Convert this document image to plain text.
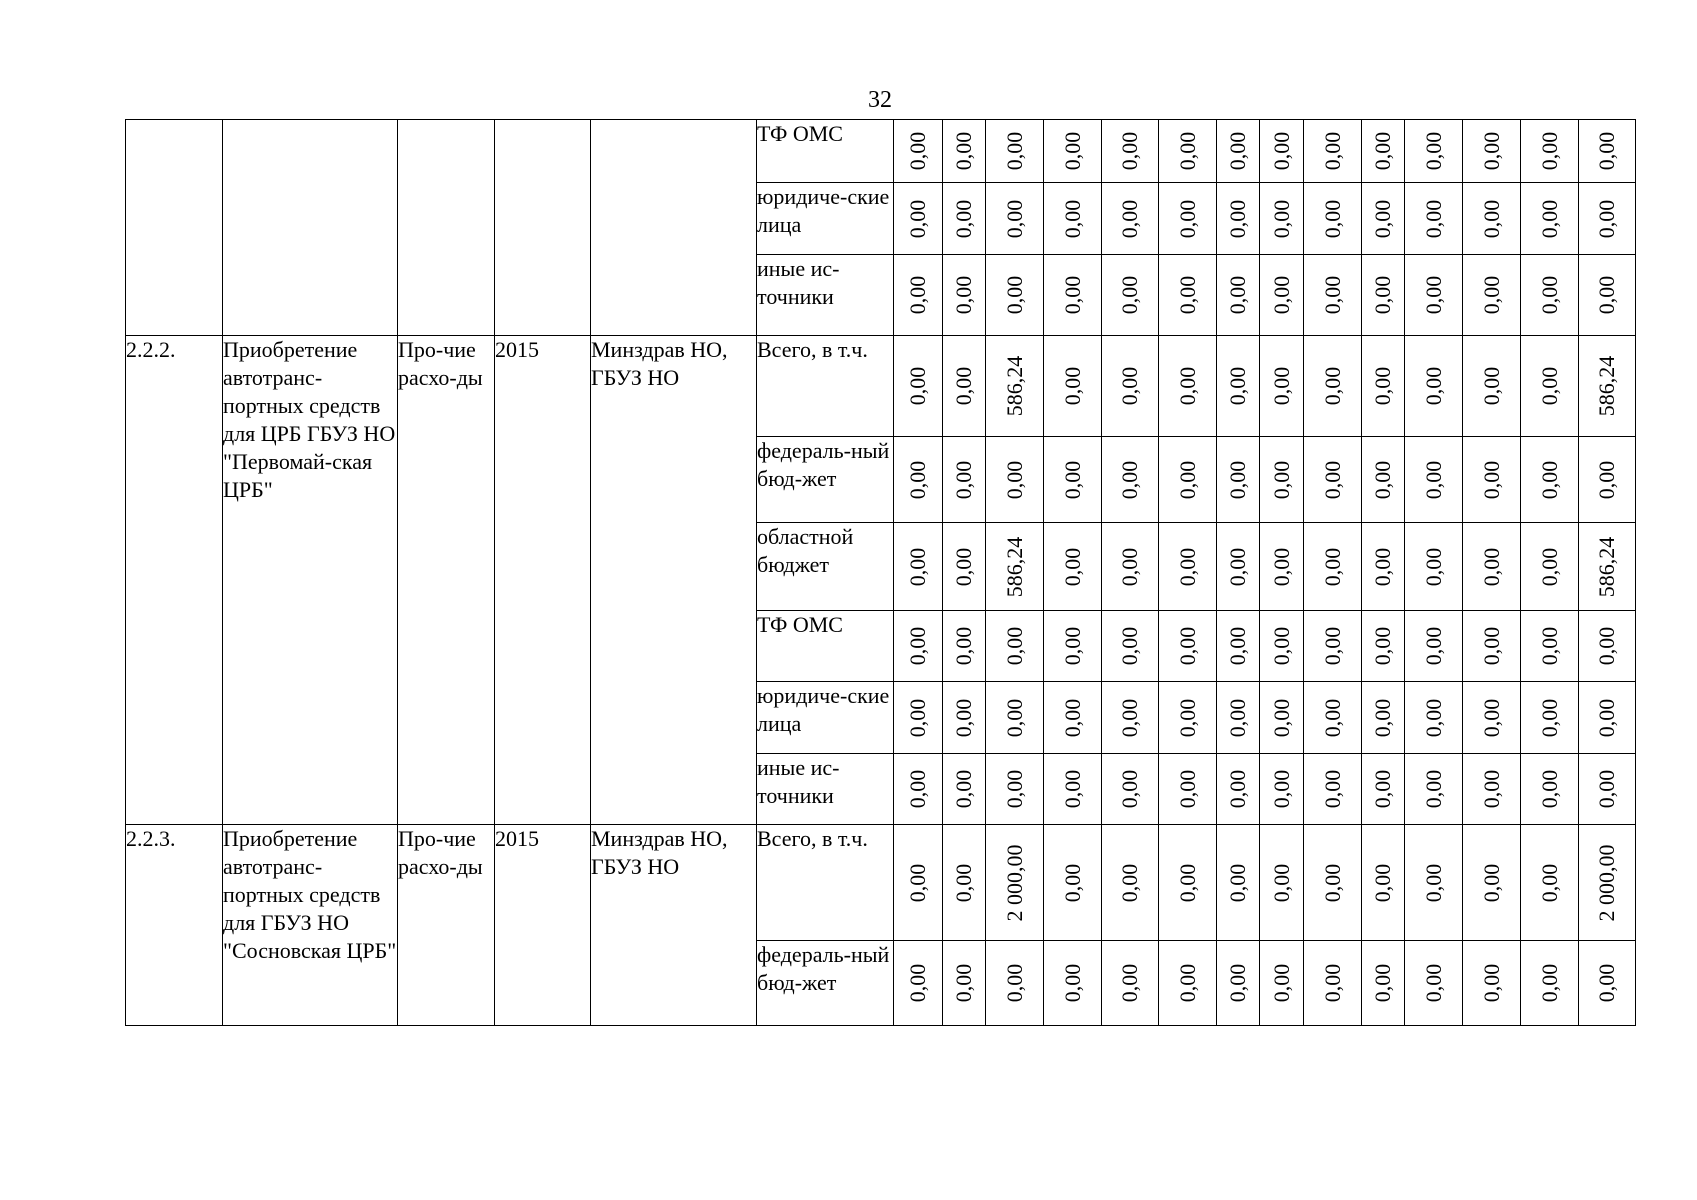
32
					ТФ ОМС	0,00	0,00	0,00	0,00	0,00	0,00	0,00	0,00	0,00	0,00	0,00	0,00	0,00	0,00

					юридиче-ские лица	0,00	0,00	0,00	0,00	0,00	0,00	0,00	0,00	0,00	0,00	0,00	0,00	0,00	0,00

					иные ис-точники	0,00	0,00	0,00	0,00	0,00	0,00	0,00	0,00	0,00	0,00	0,00	0,00	0,00	0,00

2.2.2.	Приобретение автотранс-портных средств для ЦРБ ГБУЗ НО "Первомай-ская ЦРБ"	Про-чие расхо-ды	2015	Минздрав НО, ГБУЗ НО	Всего, в т.ч.	0,00	0,00	586,24	0,00	0,00	0,00	0,00	0,00	0,00	0,00	0,00	0,00	0,00	586,24

					федераль-ный бюд-жет	0,00	0,00	0,00	0,00	0,00	0,00	0,00	0,00	0,00	0,00	0,00	0,00	0,00	0,00

					областной бюджет	0,00	0,00	586,24	0,00	0,00	0,00	0,00	0,00	0,00	0,00	0,00	0,00	0,00	586,24

					ТФ ОМС	0,00	0,00	0,00	0,00	0,00	0,00	0,00	0,00	0,00	0,00	0,00	0,00	0,00	0,00

					юридиче-ские лица	0,00	0,00	0,00	0,00	0,00	0,00	0,00	0,00	0,00	0,00	0,00	0,00	0,00	0,00

					иные ис-точники	0,00	0,00	0,00	0,00	0,00	0,00	0,00	0,00	0,00	0,00	0,00	0,00	0,00	0,00

2.2.3.	Приобретение автотранс-портных средств для ГБУЗ НО "Сосновская ЦРБ"	Про-чие расхо-ды	2015	Минздрав НО, ГБУЗ НО	Всего, в т.ч.	0,00	0,00	2 000,00	0,00	0,00	0,00	0,00	0,00	0,00	0,00	0,00	0,00	0,00	2 000,00

					федераль-ный бюд-жет	0,00	0,00	0,00	0,00	0,00	0,00	0,00	0,00	0,00	0,00	0,00	0,00	0,00	0,00
